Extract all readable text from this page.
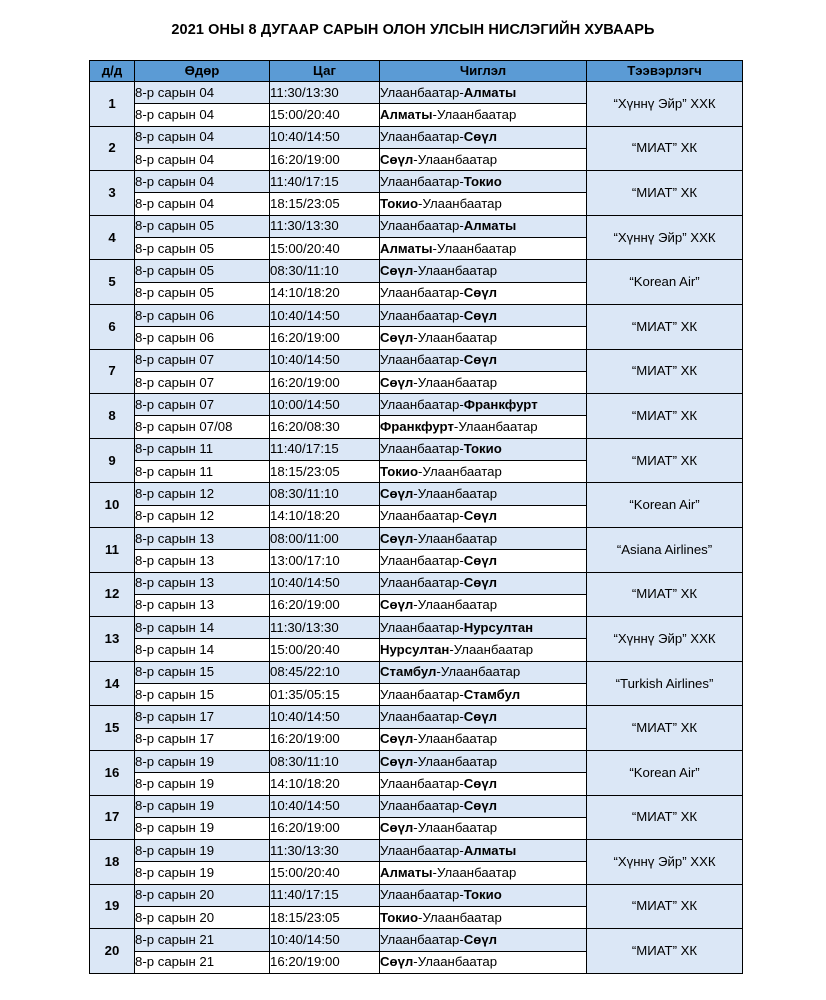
2021 ОНЫ 8 ДУГААР САРЫН ОЛОН УЛСЫН НИСЛЭГИЙН ХУВААРЬ
д/д	Өдөр	Цаг	Чиглэл	Тээвэрлэгч
1	8-р сарын 04	11:30/13:30	Улаанбаатар-Алматы	“Хүннү Эйр” ХХК
	8-р сарын 04	15:00/20:40	Алматы-Улаанбаатар	
2	8-р сарын 04	10:40/14:50	Улаанбаатар-Сөүл	“МИАТ” ХК
	8-р сарын 04	16:20/19:00	Сөүл-Улаанбаатар	
3	8-р сарын 04	11:40/17:15	Улаанбаатар-Токио	“МИАТ” ХК
	8-р сарын 04	18:15/23:05	Токио-Улаанбаатар	
4	8-р сарын 05	11:30/13:30	Улаанбаатар-Алматы	“Хүннү Эйр” ХХК
	8-р сарын 05	15:00/20:40	Алматы-Улаанбаатар	
5	8-р сарын 05	08:30/11:10	Сөүл-Улаанбаатар	“Korean Air”
	8-р сарын 05	14:10/18:20	Улаанбаатар-Сөүл	
6	8-р сарын 06	10:40/14:50	Улаанбаатар-Сөүл	“МИАТ” ХК
	8-р сарын 06	16:20/19:00	Сөүл-Улаанбаатар	
7	8-р сарын 07	10:40/14:50	Улаанбаатар-Сөүл	“МИАТ” ХК
	8-р сарын 07	16:20/19:00	Сөүл-Улаанбаатар	
8	8-р сарын 07	10:00/14:50	Улаанбаатар-Франкфурт	“МИАТ” ХК
	8-р сарын 07/08	16:20/08:30	Франкфурт-Улаанбаатар	
9	8-р сарын 11	11:40/17:15	Улаанбаатар-Токио	“МИАТ” ХК
	8-р сарын 11	18:15/23:05	Токио-Улаанбаатар	
10	8-р сарын 12	08:30/11:10	Сөүл-Улаанбаатар	“Korean Air”
	8-р сарын 12	14:10/18:20	Улаанбаатар-Сөүл	
11	8-р сарын 13	08:00/11:00	Сөүл-Улаанбаатар	“Asiana Airlines”
	8-р сарын 13	13:00/17:10	Улаанбаатар-Сөүл	
12	8-р сарын 13	10:40/14:50	Улаанбаатар-Сөүл	“МИАТ” ХК
	8-р сарын 13	16:20/19:00	Сөүл-Улаанбаатар	
13	8-р сарын 14	11:30/13:30	Улаанбаатар-Нурсултан	“Хүннү Эйр” ХХК
	8-р сарын 14	15:00/20:40	Нурсултан-Улаанбаатар	
14	8-р сарын 15	08:45/22:10	Стамбул-Улаанбаатар	“Turkish Airlines”
	8-р сарын 15	01:35/05:15	Улаанбаатар-Стамбул	
15	8-р сарын 17	10:40/14:50	Улаанбаатар-Сөүл	“МИАТ” ХК
	8-р сарын 17	16:20/19:00	Сөүл-Улаанбаатар	
16	8-р сарын 19	08:30/11:10	Сөүл-Улаанбаатар	“Korean Air”
	8-р сарын 19	14:10/18:20	Улаанбаатар-Сөүл	
17	8-р сарын 19	10:40/14:50	Улаанбаатар-Сөүл	“МИАТ” ХК
	8-р сарын 19	16:20/19:00	Сөүл-Улаанбаатар	
18	8-р сарын 19	11:30/13:30	Улаанбаатар-Алматы	“Хүннү Эйр” ХХК
	8-р сарын 19	15:00/20:40	Алматы-Улаанбаатар	
19	8-р сарын 20	11:40/17:15	Улаанбаатар-Токио	“МИАТ” ХК
	8-р сарын 20	18:15/23:05	Токио-Улаанбаатар	
20	8-р сарын 21	10:40/14:50	Улаанбаатар-Сөүл	“МИАТ” ХК
	8-р сарын 21	16:20/19:00	Сөүл-Улаанбаатар	
